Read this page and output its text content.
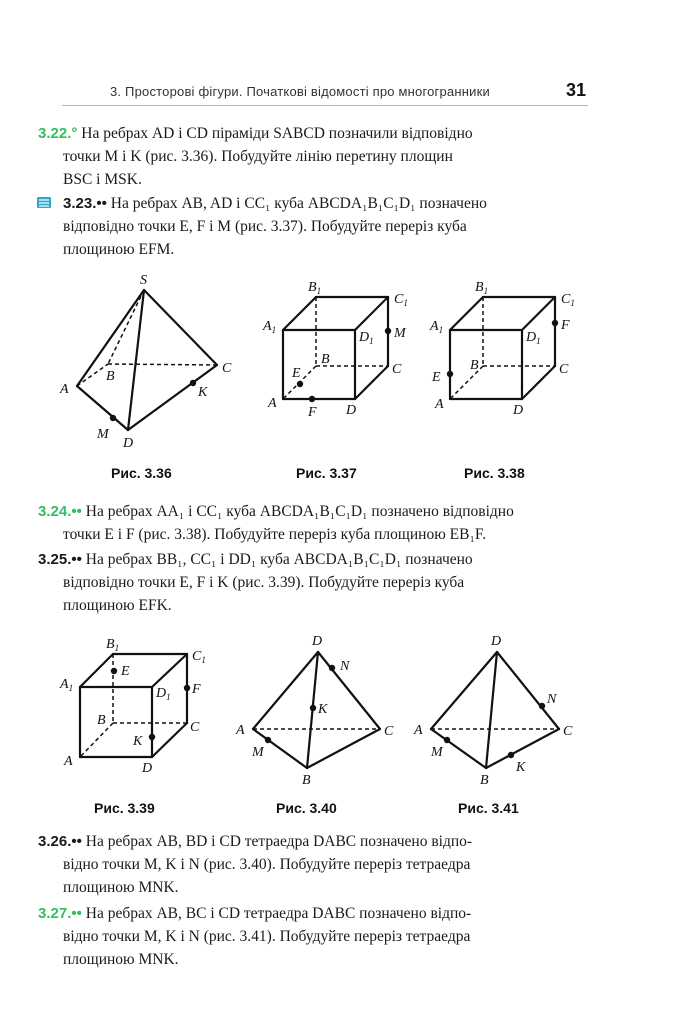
3. Просторові фігури. Початкові відомості про многогранники	31
3.22.° На ребрах AD і CD піраміди SABCD позначили відповідно
точки M і K (рис. 3.36). Побудуйте лінію перетину площин
BSC і MSK.
3.23.•• На ребрах AB, AD і CC₁ куба ABCDA₁B₁C₁D₁ позначено
відповідно точки E, F і M (рис. 3.37). Побудуйте переріз куба
площиною EFM.
S
A
B
C
D
M
K
Рис. 3.36
$B_1$
$C_1$
$A_1$	$D_1$ M
B
C
E
A
F D
Рис. 3.37
$B_1$
$C_1$
$A_1$	$D_1$
F
B	C
E
A	D
Рис. 3.38
3.24.•• На ребрах AA₁ і CC₁ куба ABCDA₁B₁C₁D₁ позначено відповідно
точки E і F (рис. 3.38). Побудуйте переріз куба площиною EB₁F.
3.25.•• На ребрах BB₁, CC₁ і DD₁ куба ABCDA₁B₁C₁D₁ позначено
відповідно точки E, F і K (рис. 3.39). Побудуйте переріз куба
площиною EFK.
$B_1$
$C_1$
$A_1$	$D_1$
E
F
B	C
K
A	D
Рис. 3.39
D
N
K
A	C
M
B
Рис. 3.40
D
N
A	C
M
K
B
Рис. 3.41
3.26.•• На ребрах AB, BD і CD тетраедра DABC позначено відпо-
відно точки M, K і N (рис. 3.40). Побудуйте переріз тетраедра
площиною MNK.
3.27.•• На ребрах AB, BC і CD тетраедра DABC позначено відпо-
відно точки M, K і N (рис. 3.41). Побудуйте переріз тетраедра
площиною MNK.
